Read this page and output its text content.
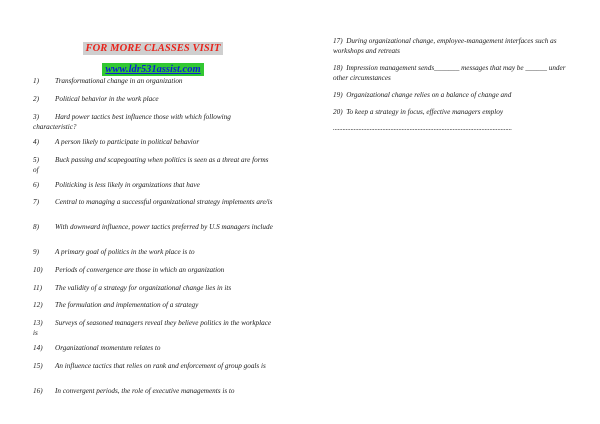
FOR MORE CLASSES VISIT
www.ldr531assist.com
1) Transformational change in an organization
2) Political behavior in the work place
3) Hard power tactics best influence those with which following characteristic?
4) A person likely to participate in political behavior
5) Buck passing and scapegoating when politics is seen as a threat are forms of
6) Politicking is less likely in organizations that have
7) Central to managing a successful organizational strategy implements are/is
8) With downward influence, power tactics preferred by U.S managers include
9) A primary goal of politics in the work place is to
10) Periods of convergence are those in which an organization
11) The validity of a strategy for organizational change lies in its
12) The formulation and implementation of a strategy
13) Surveys of seasoned managers reveal they believe politics in the workplace is
14) Organizational momentum relates to
15) An influence tactics that relies on rank and enforcement of group goals is
16) In convergent periods, the role of executive managements is to
17) During organizational change, employee-management interfaces such as workshops and retreats
18) Impression management sends_______ messages that may be ______ under other circumstances
19) Organizational change relies on a balance of change and
20) To keep a strategy in focus, effective managers employ
................................................................................................................
